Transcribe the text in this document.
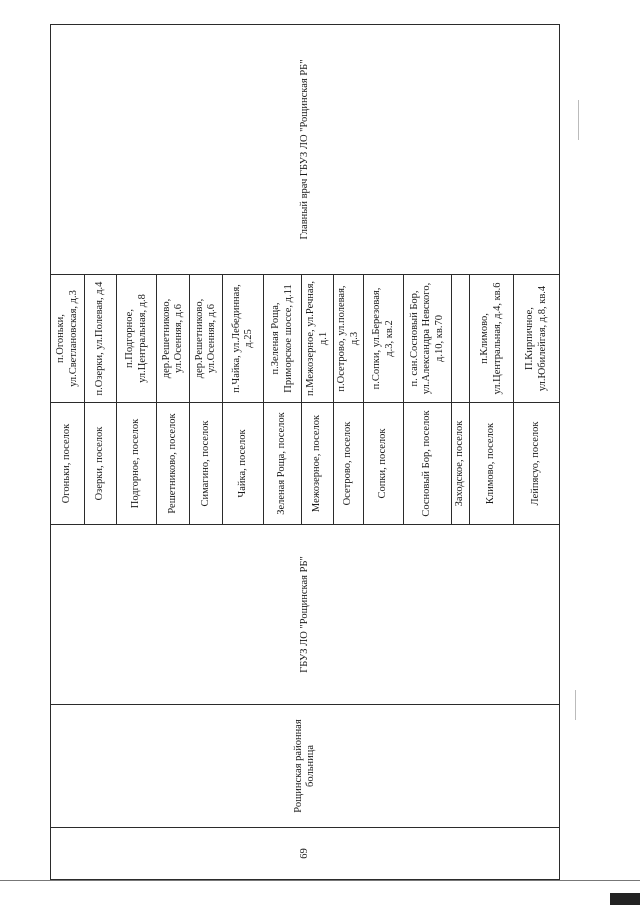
69	Рощинская районная больница	ГБУЗ ЛО "Рощинская РБ"	Огоньки, поселок	п.Огоньки, ул.Светлановская, д.3	Главный врач ГБУЗ ЛО "Рощинская РБ"
			Озерки, поселок	п.Озерки, ул.Полевая, д.4	
			Подгорное, поселок	п.Подгорное, ул.Центральная, д.8	
			Решетниково, поселок	дер.Решетниково, ул.Осенняя, д.6	
			Симагино, поселок	дер.Решетниково, ул.Осенняя, д.6	
			Чайка, поселок	п.Чайка, ул.Лебединная, д.25	
			Зеленая Роща, поселок	п.Зеленая Роща, Приморское шоссе, д.11	
			Межозерное, поселок	п.Межозерное, ул.Речная, д.1	
			Осетрово, поселок	п.Осетрово, ул.полевая, д.3	
			Сопки, поселок	п.Сопки, ул.Березовая, д.3, кв.2	
			Сосновый Бор, поселок	п. сан.Сосновый Бор, ул.Александра Невского, д.10, кв.70	
			Заходское, поселок		
			Климово, поселок	п.Климово, ул.Центральная, д.4, кв.6	
			Лейпясуо, поселок	П.Кирпичное, ул.Юбилейгая, д.8, кв.4	
